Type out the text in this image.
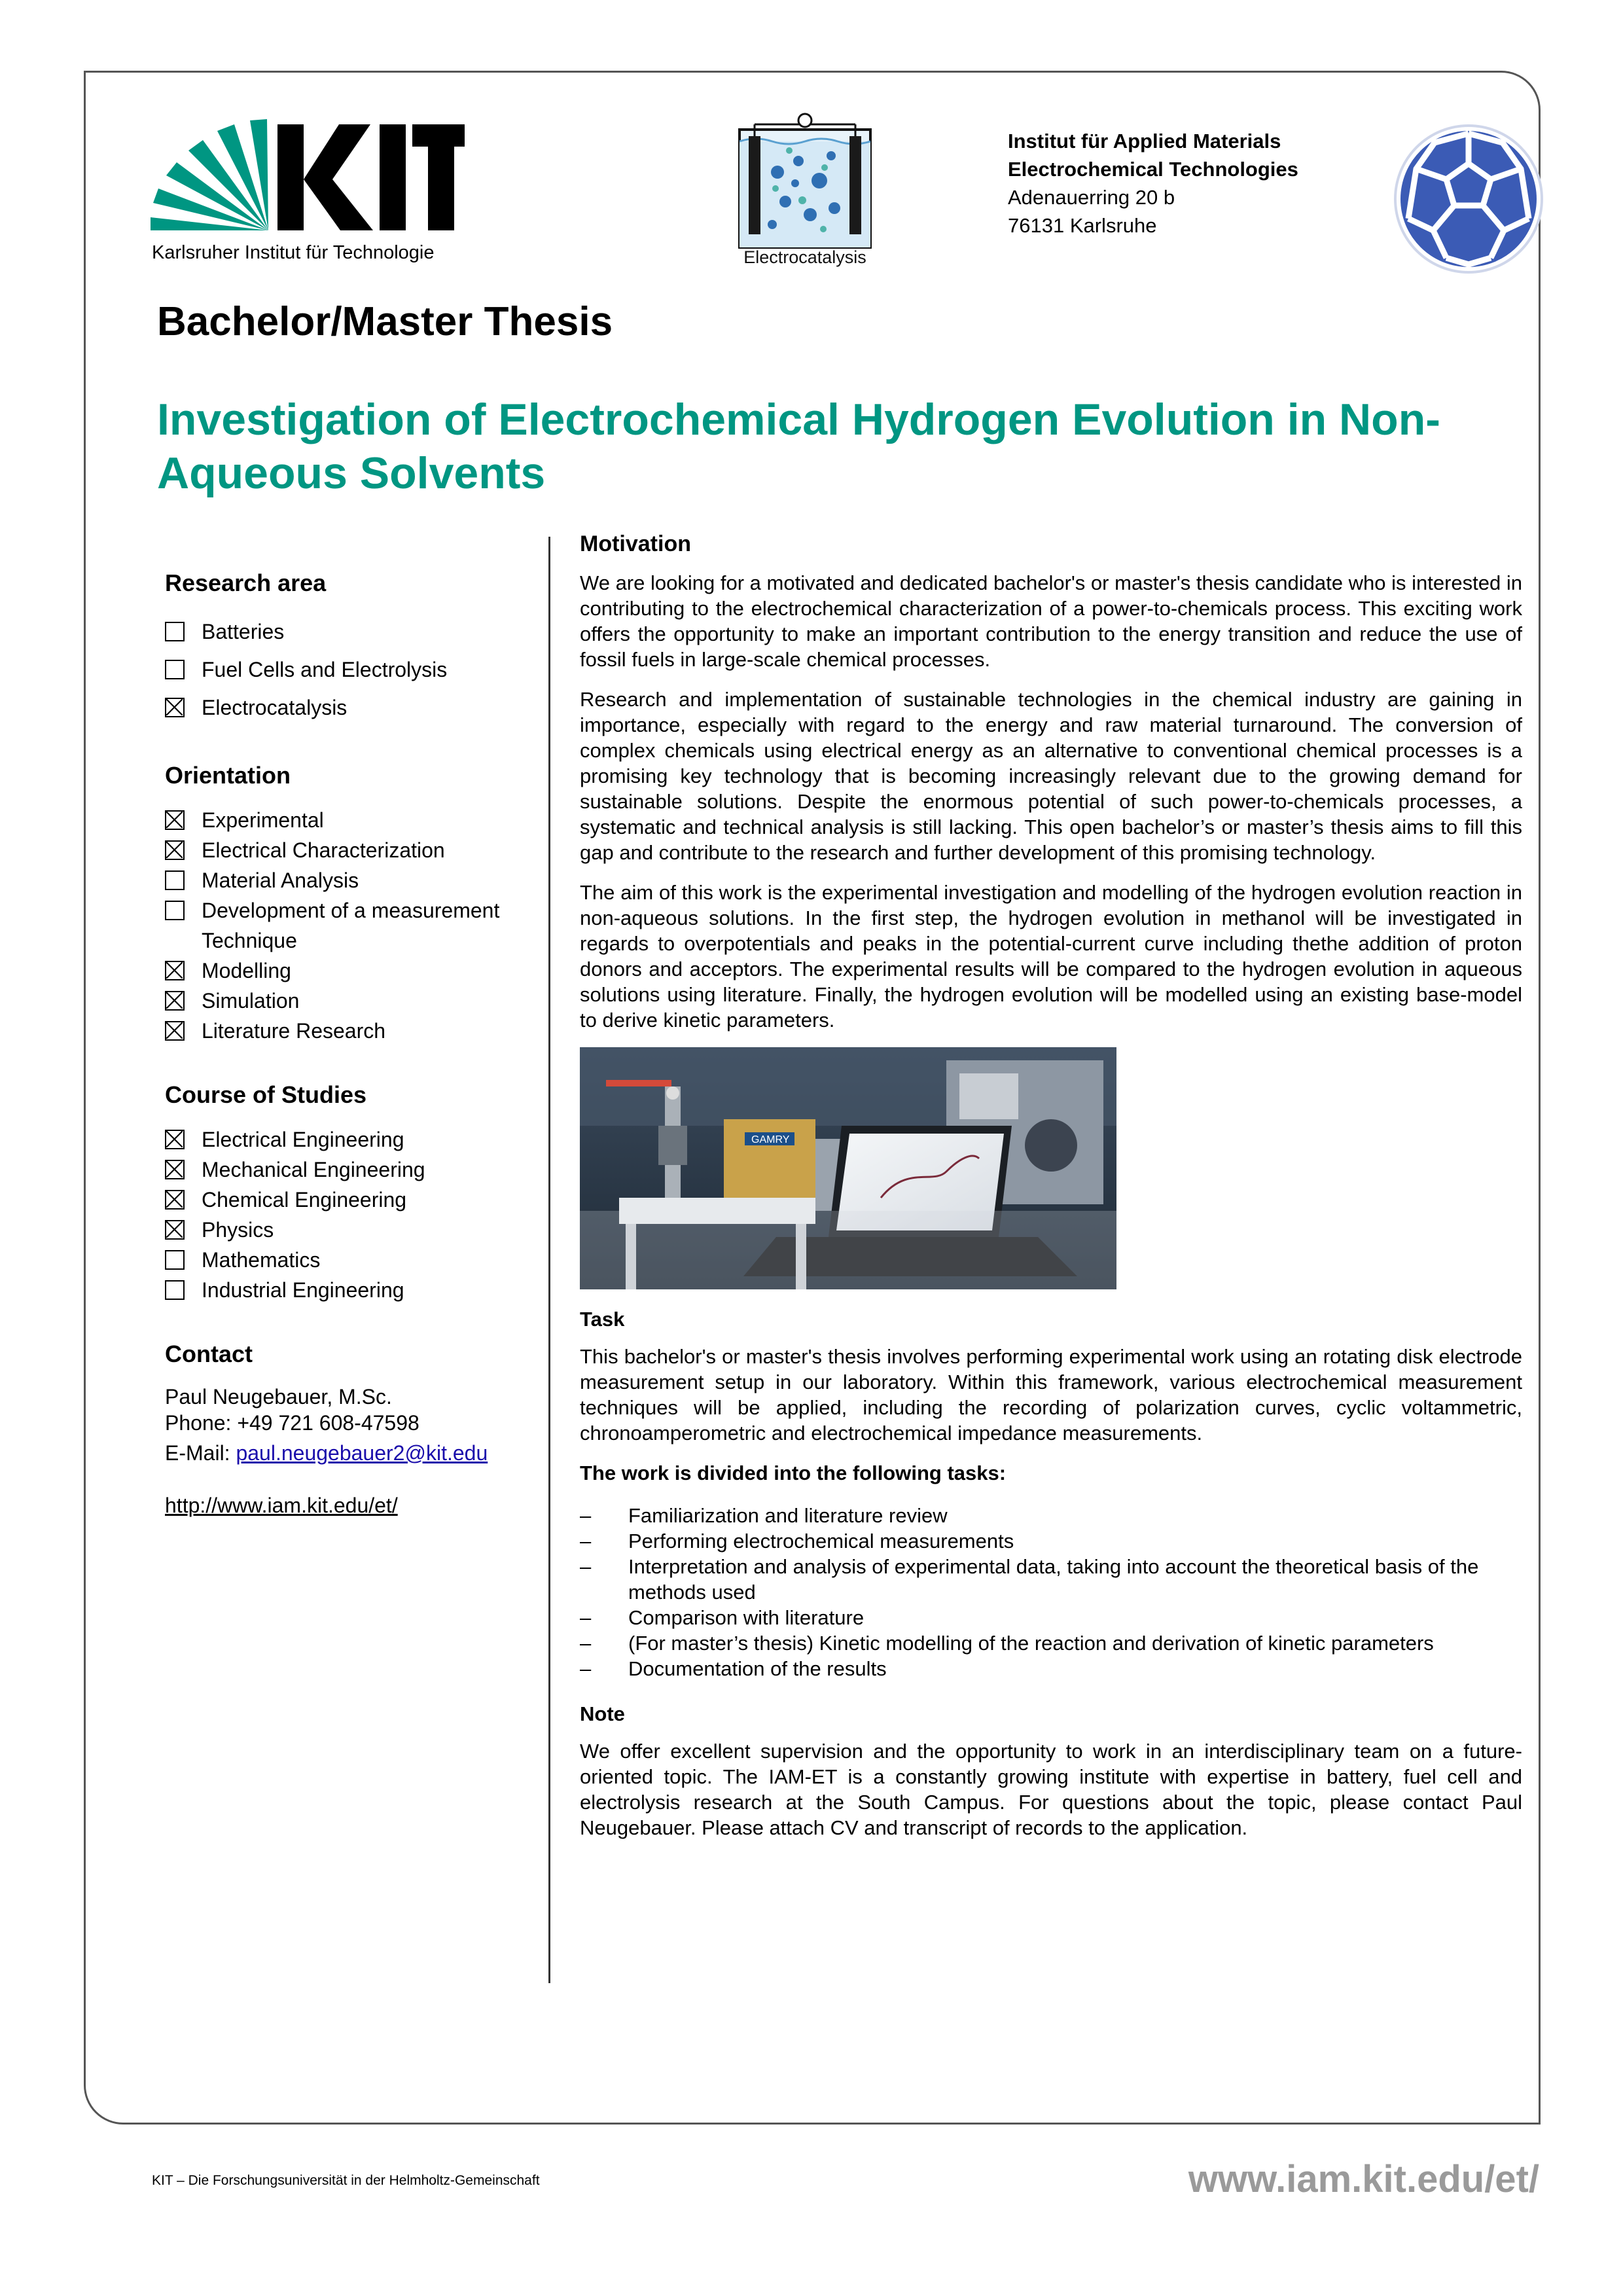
Karlsruher Institut für Technologie	Electrocatalysis
Institut für Applied Materials
Electrochemical Technologies
Adenauerring 20 b
76131 Karlsruhe
Bachelor/Master Thesis
Investigation of Electrochemical Hydrogen Evolution in Non-Aqueous Solvents
Research area
Batteries
Fuel Cells and Electrolysis
Electrocatalysis
Orientation
Experimental
Electrical Characterization
Material Analysis
Development of a measurement Technique
Modelling
Simulation
Literature Research
Course of Studies
Electrical Engineering
Mechanical Engineering
Chemical Engineering
Physics
Mathematics
Industrial Engineering
Contact

Paul Neugebauer, M.Sc.

Phone: +49 721 608-47598

E-Mail: paul.neugebauer2@kit.edu

http://www.iam.kit.edu/et/

Motivation

We are looking for a motivated and dedicated bachelor's or master's thesis candidate who is interested in contributing to the electrochemical characterization of a power-to-chemicals process. This exciting work offers the opportunity to make an important contribution to the energy transition and reduce the use of fossil fuels in large-scale chemical processes.

Research and implementation of sustainable technologies in the chemical industry are gaining in importance, especially with regard to the energy and raw material turnaround. The conversion of complex chemicals using electrical energy as an alternative to conventional chemical processes is a promising key technology that is becoming increasingly relevant due to the growing demand for sustainable solutions. Despite the enormous potential of such power-to-chemicals processes, a systematic and technical analysis is still lacking. This open bachelor’s or master’s thesis aims to fill this gap and contribute to the research and further development of this promising technology.

The aim of this work is the experimental investigation and modelling of the hydrogen evolution reaction in non-aqueous solutions. In the first step, the hydrogen evolution in methanol will be investigated in regards to overpotentials and peaks in the potential-current curve including thethe addition of proton donors and acceptors. The experimental results will be compared to the hydrogen evolution in aqueous solutions using literature. Finally, the hydrogen evolution will be modelled using an existing base-model to derive kinetic parameters.

GAMRY
Task

This bachelor's or master's thesis involves performing experimental work using an rotating disk electrode measurement setup in our laboratory. Within this framework, various electrochemical measurement techniques will be applied, including the recording of polarization curves, cyclic voltammetric, chronoamperometric and electrochemical impedance measurements.

The work is divided into the following tasks:
– Familiarization and literature review
– Performing electrochemical measurements
– Interpretation and analysis of experimental data, taking into account the theoretical basis of the methods used
– Comparison with literature
– (For master’s thesis) Kinetic modelling of the reaction and derivation of kinetic parameters
– Documentation of the results
Note

We offer excellent supervision and the opportunity to work in an interdisciplinary team on a future-oriented topic. The IAM-ET is a constantly growing institute with expertise in battery, fuel cell and electrolysis research at the South Campus. For questions about the topic, please contact Paul Neugebauer. Please attach CV and transcript of records to the application.

KIT – Die Forschungsuniversität in der Helmholtz-Gemeinschaft	www.iam.kit.edu/et/
